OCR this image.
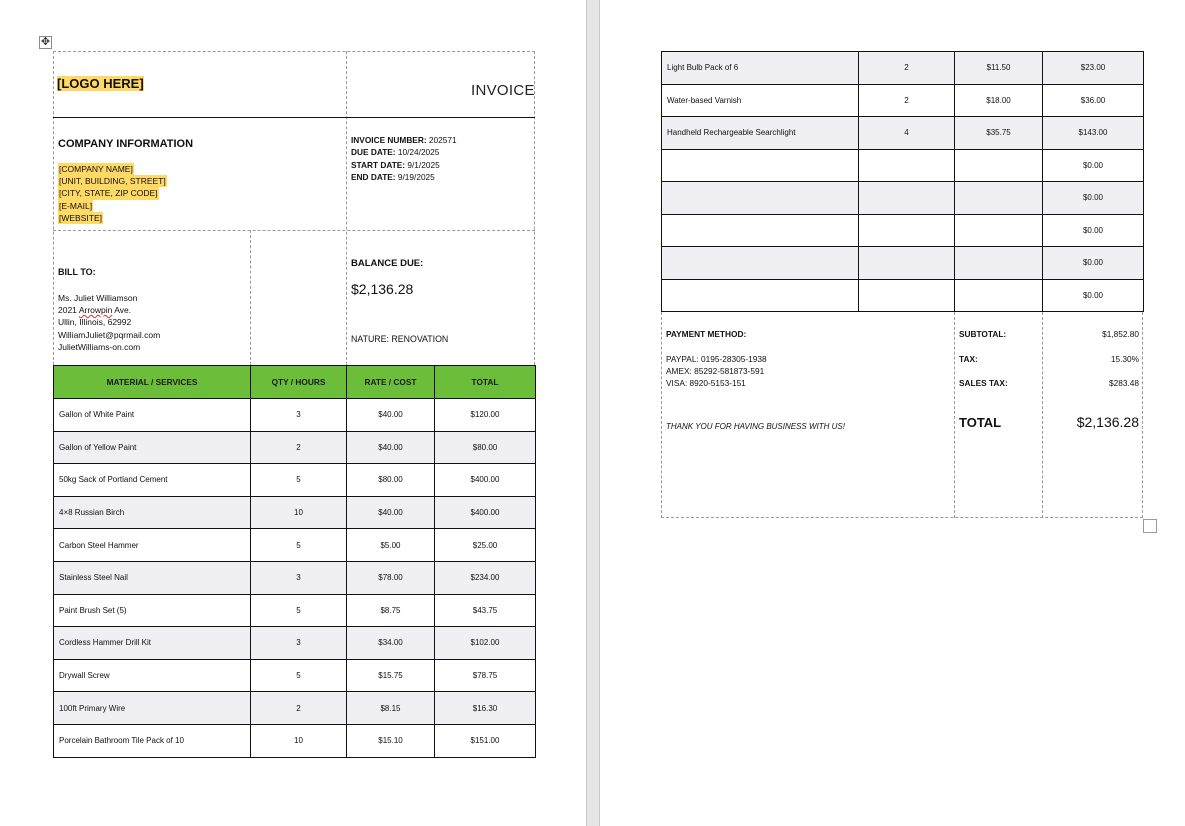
✥
[LOGO HERE]	INVOICE
COMPANY INFORMATION
[COMPANY NAME]
[UNIT, BUILDING, STREET]
[CITY, STATE, ZIP CODE]
[E-MAIL]
[WEBSITE]
INVOICE NUMBER: 202571
DUE DATE: 10/24/2025
START DATE: 9/1/2025
END DATE: 9/19/2025
BILL TO:
Ms. Juliet Williamson
2021 Arrowpin Ave.
Ullin, Illinois, 62992
WilliamJuliet@pqrmail.com
JulietWilliams-on.com
BALANCE DUE:
$2,136.28
NATURE: RENOVATION
MATERIAL / SERVICES	QTY / HOURS	RATE / COST	TOTAL
Gallon of White Paint	3	$40.00	$120.00
Gallon of Yellow Paint	2	$40.00	$80.00
50kg Sack of Portland Cement	5	$80.00	$400.00
4×8 Russian Birch	10	$40.00	$400.00
Carbon Steel Hammer	5	$5.00	$25.00
Stainless Steel Nail	3	$78.00	$234.00
Paint Brush Set (5)	5	$8.75	$43.75
Cordless Hammer Drill Kit	3	$34.00	$102.00
Drywall Screw	5	$15.75	$78.75
100ft Primary Wire	2	$8.15	$16.30
Porcelain Bathroom Tile Pack of 10	10	$15.10	$151.00
Light Bulb Pack of 6	2	$11.50	$23.00
Water-based Varnish	2	$18.00	$36.00
Handheld Rechargeable Searchlight	4	$35.75	$143.00
			$0.00
			$0.00
			$0.00
			$0.00
			$0.00
PAYMENT METHOD:
PAYPAL: 0195-28305-1938
AMEX: 85292-581873-591
VISA: 8920-5153-151
THANK YOU FOR HAVING BUSINESS WITH US!
SUBTOTAL:	$1,852.80
TAX:	15.30%
SALES TAX:	$283.48
TOTAL	$2,136.28
